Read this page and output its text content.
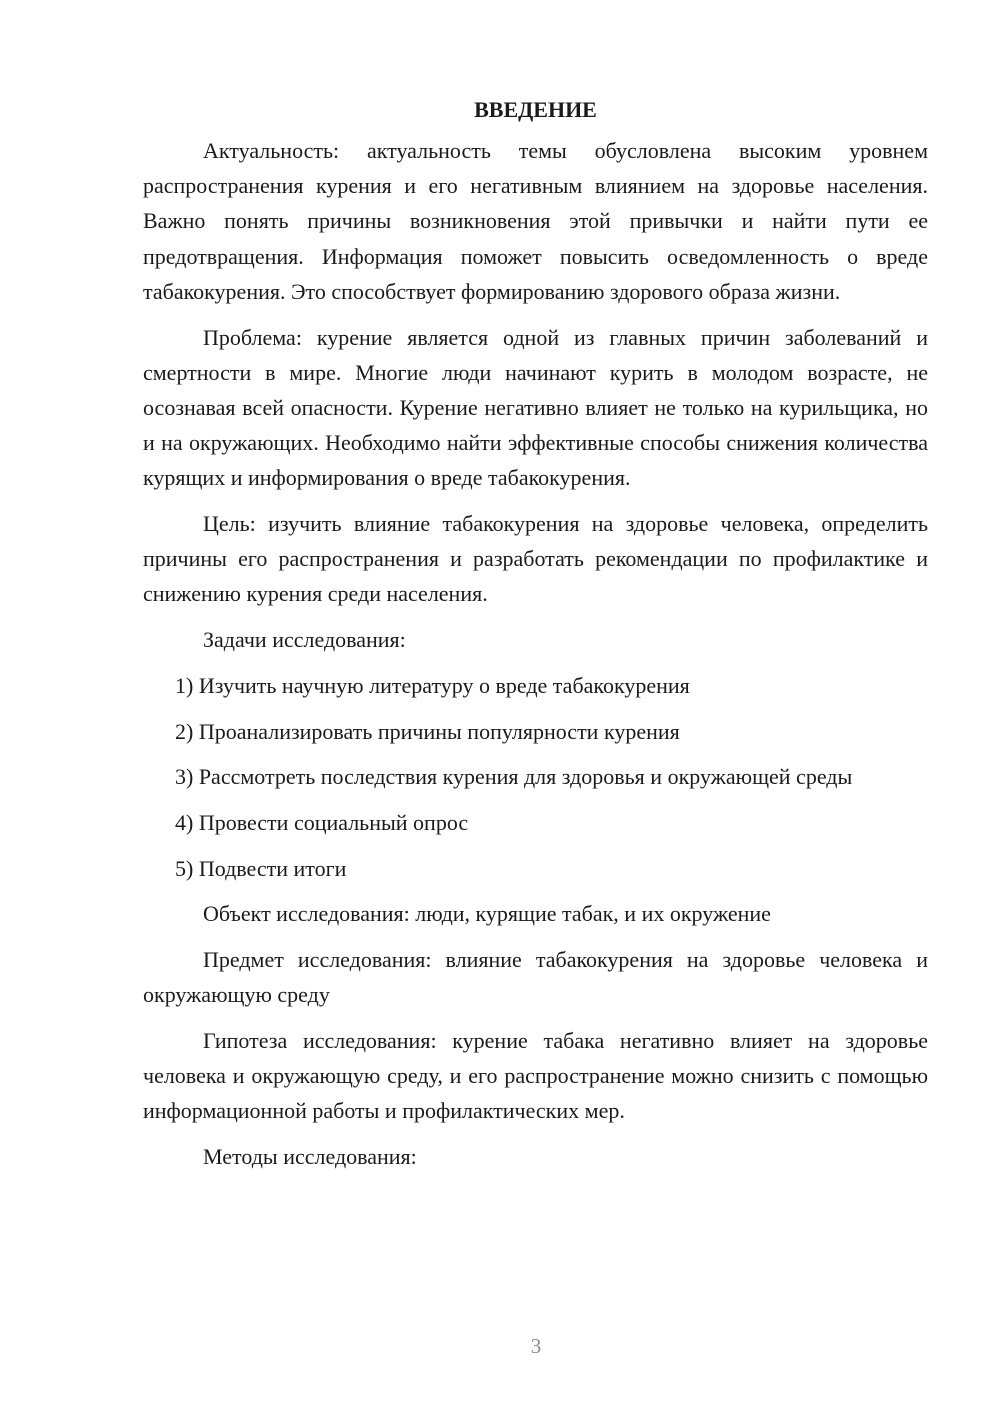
ВВЕДЕНИЕ

Актуальность: актуальность темы обусловлена высоким уровнем распространения курения и его негативным влиянием на здоровье населения. Важно понять причины возникновения этой привычки и найти пути ее предотвращения. Информация поможет повысить осведомленность о вреде табакокурения. Это способствует формированию здорового образа жизни.

Проблема: курение является одной из главных причин заболеваний и смертности в мире. Многие люди начинают курить в молодом возрасте, не осознавая всей опасности. Курение негативно влияет не только на курильщика, но и на окружающих. Необходимо найти эффективные способы снижения количества курящих и информирования о вреде табакокурения.

Цель: изучить влияние табакокурения на здоровье человека, определить причины его распространения и разработать рекомендации по профилактике и снижению курения среди населения.

Задачи исследования:

1) Изучить научную литературу о вреде табакокурения

2) Проанализировать причины популярности курения

3) Рассмотреть последствия курения для здоровья и окружающей среды

4) Провести социальный опрос

5) Подвести итоги

Объект исследования: люди, курящие табак, и их окружение

Предмет исследования: влияние табакокурения на здоровье человека и окружающую среду

Гипотеза исследования: курение табака негативно влияет на здоровье человека и окружающую среду, и его распространение можно снизить с помощью информационной работы и профилактических мер.

Методы исследования:

3
